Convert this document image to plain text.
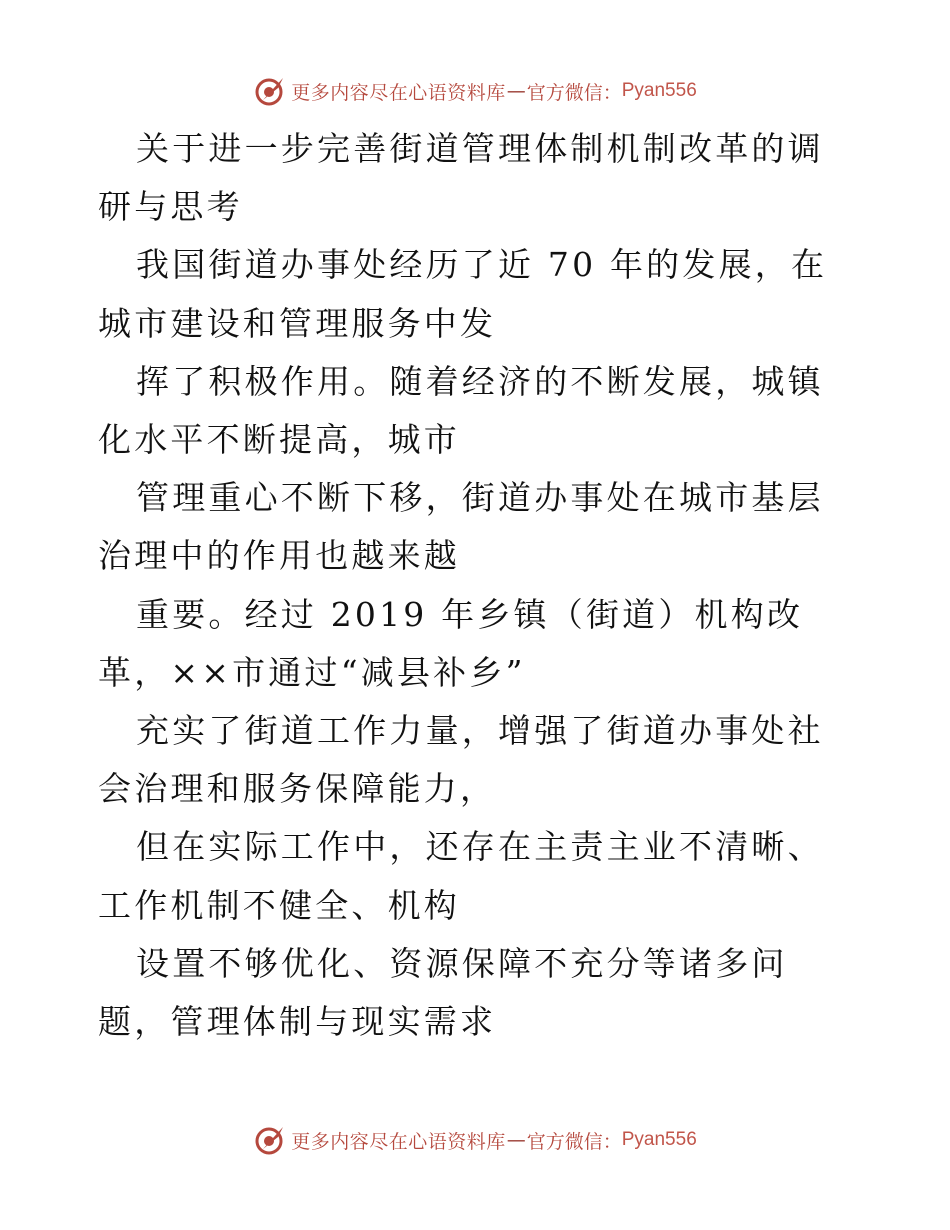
更多内容尽在心语资料库 — 官方微信： Pyan556

关于进一步完善街道管理体制机制改革的调研与思考

我国街道办事处经历了近 70 年的发展，在城市建设和管理服务中发

挥了积极作用。随着经济的不断发展，城镇化水平不断提高，城市

管理重心不断下移，街道办事处在城市基层治理中的作用也越来越

重要。经过 2019 年乡镇（街道）机构改革，××市通过“减县补乡”

充实了街道工作力量，增强了街道办事处社会治理和服务保障能力，

但在实际工作中，还存在主责主业不清晰、工作机制不健全、机构

设置不够优化、资源保障不充分等诸多问题，管理体制与现实需求

更多内容尽在心语资料库 — 官方微信： Pyan556
